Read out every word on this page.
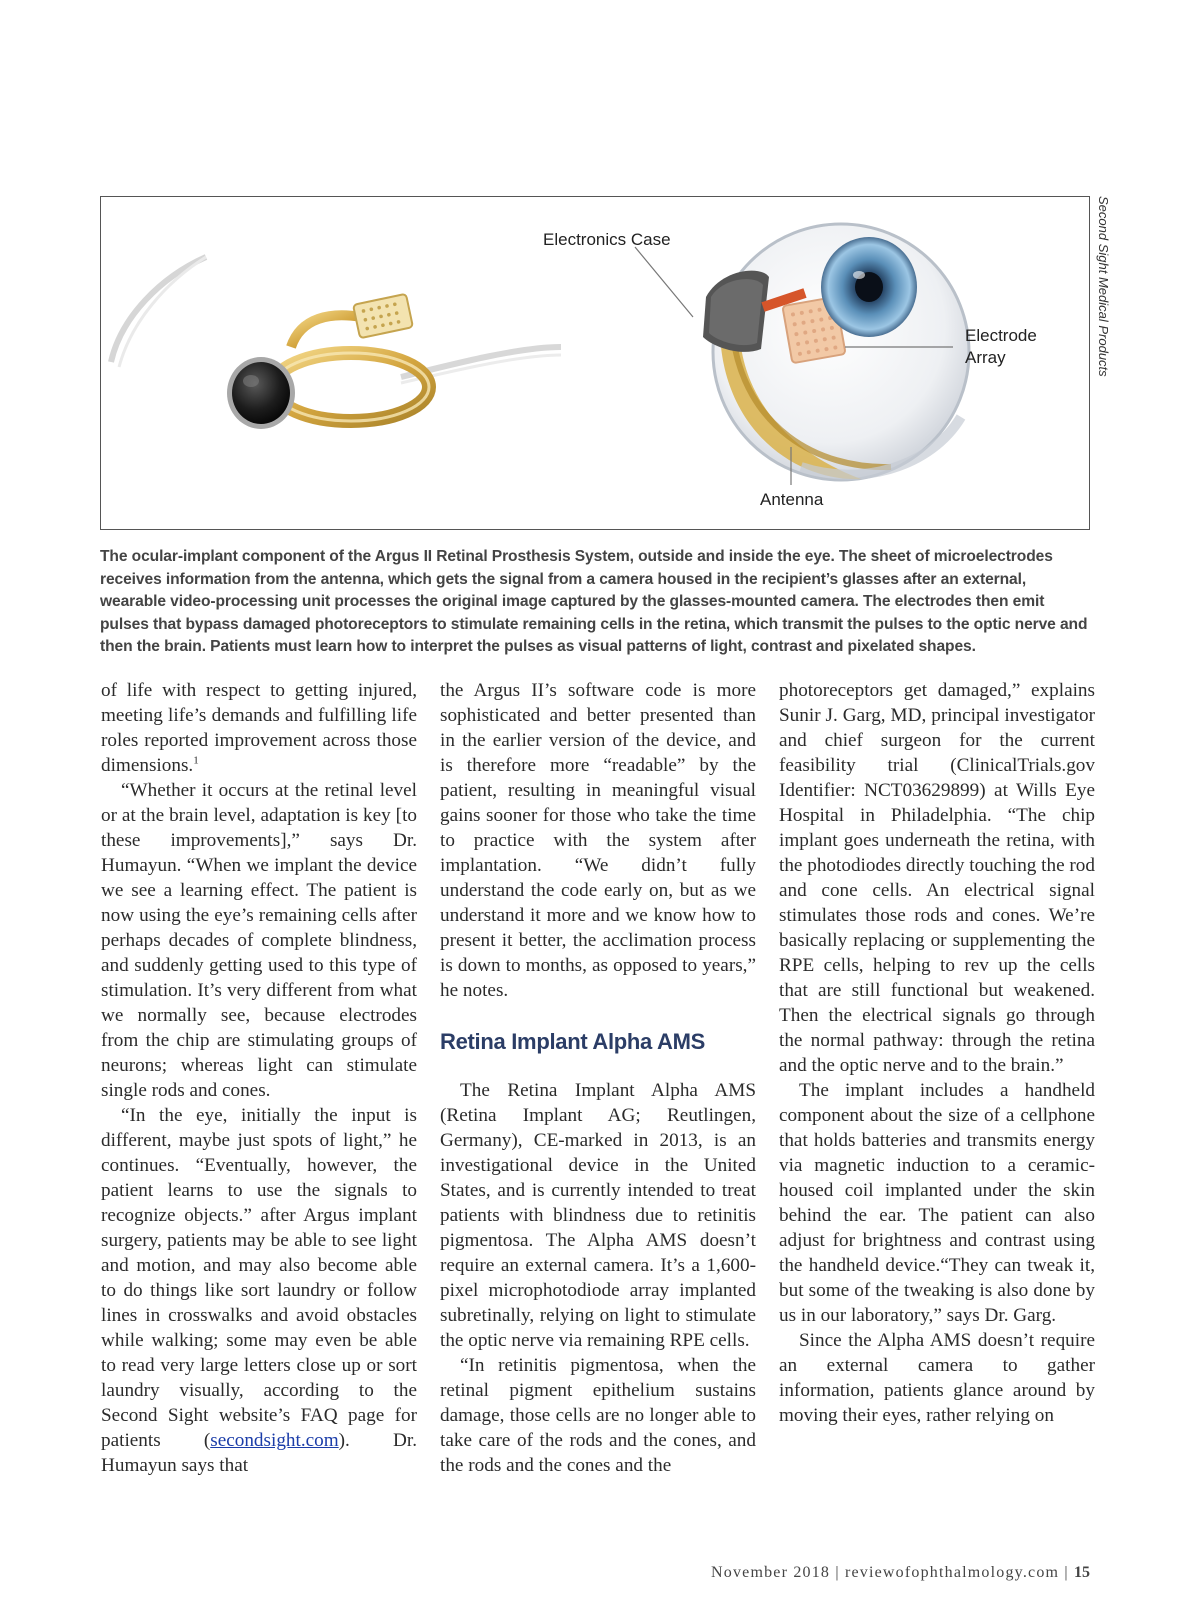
Electronics Case
Electrode Array
Antenna
Second Sight Medical Products
The ocular-implant component of the Argus II Retinal Prosthesis System, outside and inside the eye. The sheet of microelectrodes receives information from the antenna, which gets the signal from a camera housed in the recipient’s glasses after an external, wearable video-processing unit processes the original image captured by the glasses-mounted camera. The electrodes then emit pulses that bypass damaged photoreceptors to stimulate remaining cells in the retina, which transmit the pulses to the optic nerve and then the brain. Patients must learn how to interpret the pulses as visual patterns of light, contrast and pixelated shapes.

of life with respect to getting injured, meeting life’s demands and fulfilling life roles reported improvement across those dimensions.$^1$

“Whether it occurs at the retinal level or at the brain level, adaptation is key [to these improvements],” says Dr. Humayun. “When we implant the device we see a learning effect. The patient is now using the eye’s remaining cells after perhaps decades of complete blindness, and suddenly getting used to this type of stimulation. It’s very different from what we normally see, because electrodes from the chip are stimulating groups of neurons; whereas light can stimulate single rods and cones.

“In the eye, initially the input is different, maybe just spots of light,” he continues. “Eventually, however, the patient learns to use the signals to recognize objects.” after Argus implant surgery, patients may be able to see light and motion, and may also become able to do things like sort laundry or follow lines in crosswalks and avoid obstacles while walking; some may even be able to read very large letters close up or sort laundry visually, according to the Second Sight website’s FAQ page for patients (secondsight.com). Dr. Humayun says that

the Argus II’s software code is more sophisticated and better presented than in the earlier version of the device, and is therefore more “readable” by the patient, resulting in meaningful visual gains sooner for those who take the time to practice with the system after implantation. “We didn’t fully understand the code early on, but as we understand it more and we know how to present it better, the acclimation process is down to months, as opposed to years,” he notes.

Retina Implant Alpha AMS

The Retina Implant Alpha AMS (Retina Implant AG; Reutlingen, Germany), CE-marked in 2013, is an investigational device in the United States, and is currently intended to treat patients with blindness due to retinitis pigmentosa. The Alpha AMS doesn’t require an external camera. It’s a 1,600-pixel microphotodiode array implanted subretinally, relying on light to stimulate the optic nerve via remaining RPE cells.

“In retinitis pigmentosa, when the retinal pigment epithelium sustains damage, those cells are no longer able to take care of the rods and the cones, and the rods and the cones and the

photoreceptors get damaged,” explains Sunir J. Garg, MD, principal investigator and chief surgeon for the current feasibility trial (ClinicalTrials.gov Identifier: NCT03629899) at Wills Eye Hospital in Philadelphia. “The chip implant goes underneath the retina, with the photodiodes directly touching the rod and cone cells. An electrical signal stimulates those rods and cones. We’re basically replacing or supplementing the RPE cells, helping to rev up the cells that are still functional but weakened. Then the electrical signals go through the normal pathway: through the retina and the optic nerve and to the brain.”

The implant includes a handheld component about the size of a cellphone that holds batteries and transmits energy via magnetic induction to a ceramic-housed coil implanted under the skin behind the ear. The patient can also adjust for brightness and contrast using the handheld device.“They can tweak it, but some of the tweaking is also done by us in our laboratory,” says Dr. Garg.

Since the Alpha AMS doesn’t require an external camera to gather information, patients glance around by moving their eyes, rather relying on

November 2018 | reviewofophthalmology.com | 15
